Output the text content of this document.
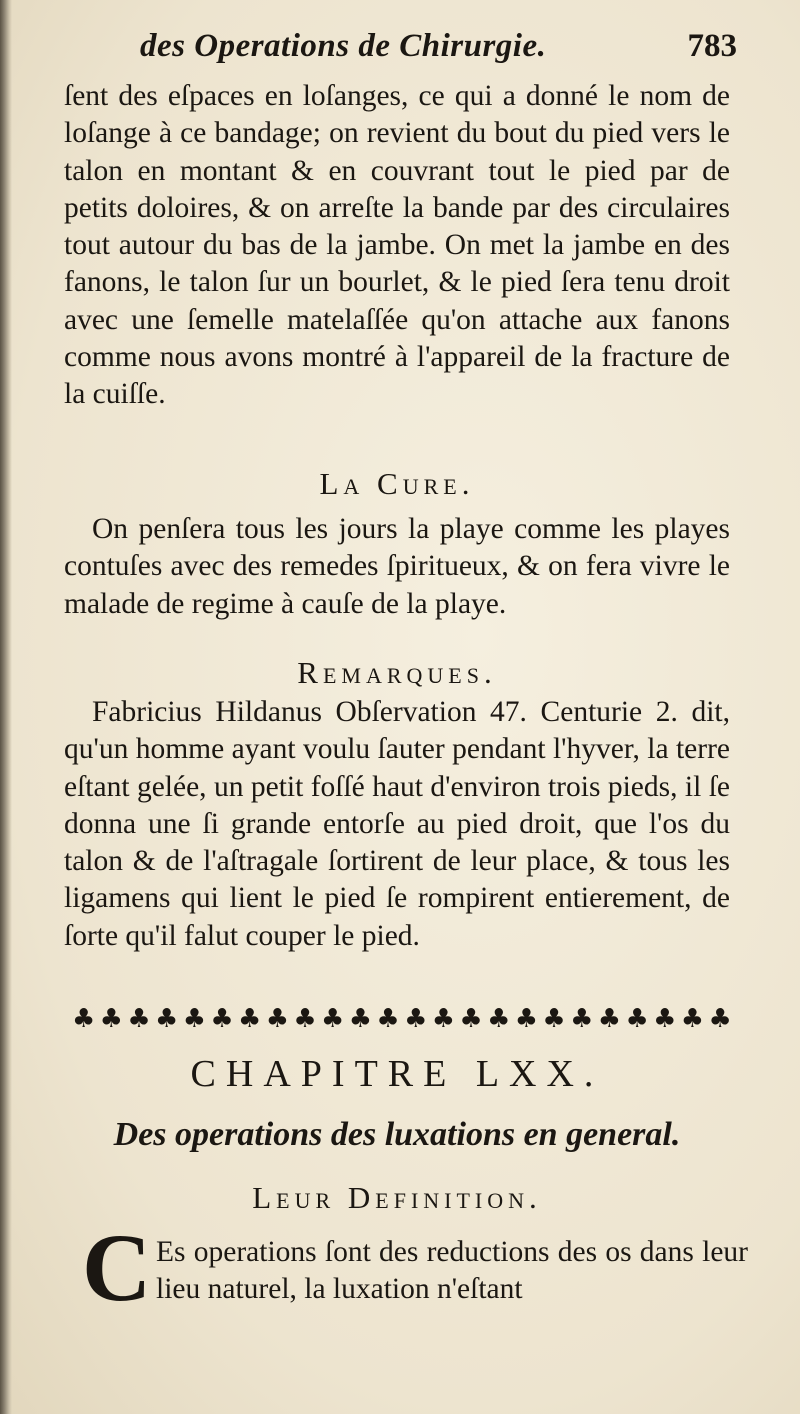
des Operations de Chirurgie.	783

ſent des eſpaces en loſanges, ce qui a donné le nom de loſange à ce bandage; on revient du bout du pied vers le talon en montant & en couvrant tout le pied par de petits doloires, & on arreſte la bande par des circulaires tout autour du bas de la jambe. On met la jambe en des fanons, le talon ſur un bourlet, & le pied ſera tenu droit avec une ſemelle matelaſſée qu'on attache aux fanons comme nous avons montré à l'appareil de la fracture de la cuiſſe.

La Cure.

On penſera tous les jours la playe comme les playes contuſes avec des remedes ſpiritueux, & on fera vivre le malade de regime à cauſe de la playe.

Remarques.

Fabricius Hildanus Obſervation 47. Centurie 2. dit, qu'un homme ayant voulu ſauter pendant l'hyver, la terre eſtant gelée, un petit foſſé haut d'environ trois pieds, il ſe donna une ſi grande entorſe au pied droit, que l'os du talon & de l'aſtragale ſortirent de leur place, & tous les ligamens qui lient le pied ſe rompirent entierement, de ſorte qu'il falut couper le pied.

♣ ♣ ♣ ♣ ♣ ♣ ♣ ♣ ♣ ♣ ♣ ♣ ♣ ♣ ♣ ♣ ♣ ♣ ♣ ♣ ♣ ♣ ♣ ♣

CHAPITRE LXX.

Des operations des luxations en general.

Leur Definition.

C Es operations ſont des reductions des os dans leur lieu naturel, la luxation n'eſtant
